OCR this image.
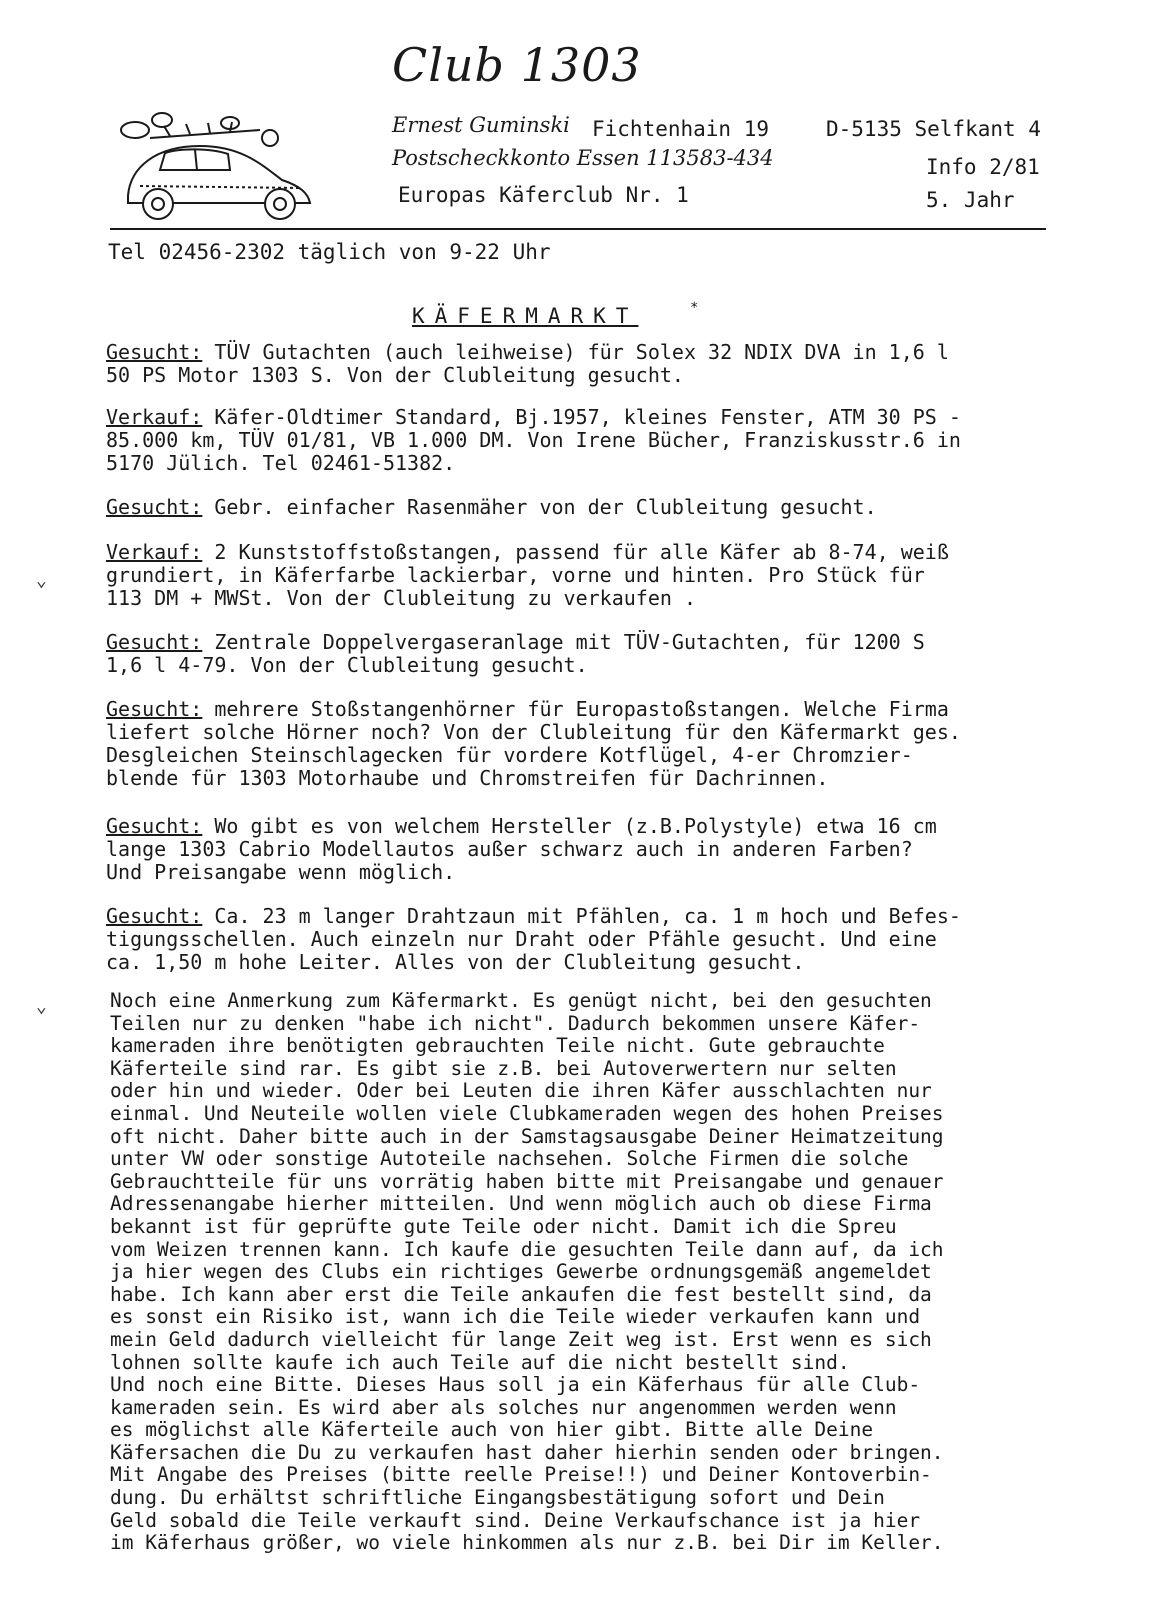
Club 1303
Ernest Guminski Fichtenhain 19	D-5135 Selfkant 4
Postscheckkonto Essen 113583-434	Info 2/81
Europas Käferclub Nr. 1	5. Jahr
Tel 02456-2302 täglich von 9-22 Uhr
KÄFERMARKT	*
Gesucht: TÜV Gutachten (auch leihweise) für Solex 32 NDIX DVA in 1,6 l
50 PS Motor 1303 S. Von der Clubleitung gesucht.
Verkauf: Käfer-Oldtimer Standard, Bj.1957, kleines Fenster, ATM 30 PS -
85.000 km, TÜV 01/81, VB 1.000 DM. Von Irene Bücher, Franziskusstr.6 in
5170 Jülich. Tel 02461-51382.
Gesucht: Gebr. einfacher Rasenmäher von der Clubleitung gesucht.
Verkauf: 2 Kunststoffstoßstangen, passend für alle Käfer ab 8-74, weiß
grundiert, in Käferfarbe lackierbar, vorne und hinten. Pro Stück für
113 DM + MWSt. Von der Clubleitung zu verkaufen .
Gesucht: Zentrale Doppelvergaseranlage mit TÜV-Gutachten, für 1200 S
1,6 l 4-79. Von der Clubleitung gesucht.
Gesucht: mehrere Stoßstangenhörner für Europastoßstangen. Welche Firma
liefert solche Hörner noch? Von der Clubleitung für den Käfermarkt ges.
Desgleichen Steinschlagecken für vordere Kotflügel, 4-er Chromzier-
blende für 1303 Motorhaube und Chromstreifen für Dachrinnen.
Gesucht: Wo gibt es von welchem Hersteller (z.B.Polystyle) etwa 16 cm
lange 1303 Cabrio Modellautos außer schwarz auch in anderen Farben?
Und Preisangabe wenn möglich.
Gesucht: Ca. 23 m langer Drahtzaun mit Pfählen, ca. 1 m hoch und Befes-
tigungsschellen. Auch einzeln nur Draht oder Pfähle gesucht. Und eine
ca. 1,50 m hohe Leiter. Alles von der Clubleitung gesucht.
Noch eine Anmerkung zum Käfermarkt. Es genügt nicht, bei den gesuchten
Teilen nur zu denken "habe ich nicht". Dadurch bekommen unsere Käfer-
kameraden ihre benötigten gebrauchten Teile nicht. Gute gebrauchte
Käferteile sind rar. Es gibt sie z.B. bei Autoverwertern nur selten
oder hin und wieder. Oder bei Leuten die ihren Käfer ausschlachten nur
einmal. Und Neuteile wollen viele Clubkameraden wegen des hohen Preises
oft nicht. Daher bitte auch in der Samstagsausgabe Deiner Heimatzeitung
unter VW oder sonstige Autoteile nachsehen. Solche Firmen die solche
Gebrauchtteile für uns vorrätig haben bitte mit Preisangabe und genauer
Adressenangabe hierher mitteilen. Und wenn möglich auch ob diese Firma
bekannt ist für geprüfte gute Teile oder nicht. Damit ich die Spreu
vom Weizen trennen kann. Ich kaufe die gesuchten Teile dann auf, da ich
ja hier wegen des Clubs ein richtiges Gewerbe ordnungsgemäß angemeldet
habe. Ich kann aber erst die Teile ankaufen die fest bestellt sind, da
es sonst ein Risiko ist, wann ich die Teile wieder verkaufen kann und
mein Geld dadurch vielleicht für lange Zeit weg ist. Erst wenn es sich
lohnen sollte kaufe ich auch Teile auf die nicht bestellt sind.
Und noch eine Bitte. Dieses Haus soll ja ein Käferhaus für alle Club-
kameraden sein. Es wird aber als solches nur angenommen werden wenn
es möglichst alle Käferteile auch von hier gibt. Bitte alle Deine
Käfersachen die Du zu verkaufen hast daher hierhin senden oder bringen.
Mit Angabe des Preises (bitte reelle Preise!!) und Deiner Kontoverbin-
dung. Du erhältst schriftliche Eingangsbestätigung sofort und Dein
Geld sobald die Teile verkauft sind. Deine Verkaufschance ist ja hier
im Käferhaus größer, wo viele hinkommen als nur z.B. bei Dir im Keller.
⌄
⌄
